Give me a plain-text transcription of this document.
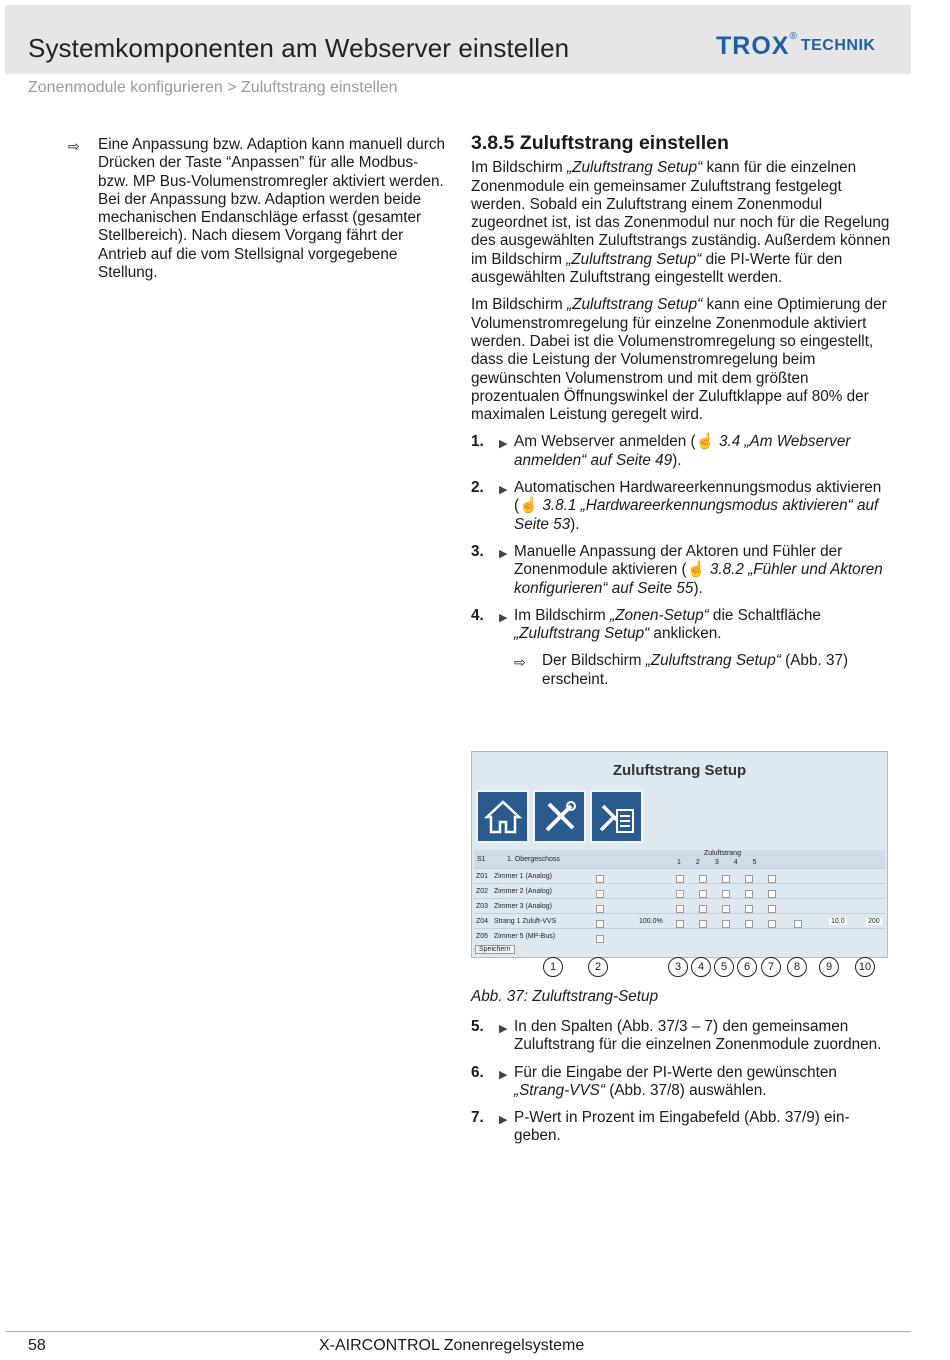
Systemkomponenten am Webserver einstellen	TROX ®
TECHNIK
Zonenmodule konfigurieren > Zuluftstrang einstellen
⇨	Eine Anpassung bzw. Adaption kann manuell durch Drücken der Taste “Anpassen” für alle Modbus- bzw. MP Bus-Volumenstromregler aktiviert werden. Bei der Anpassung bzw. Adaption werden beide mechanischen Endanschläge erfasst (gesamter Stellbereich). Nach diesem Vorgang fährt der Antrieb auf die vom Stellsignal vorgegebene Stellung.
3.8.5 Zuluftstrang einstellen

Im Bildschirm „Zuluftstrang Setup“ kann für die einzelnen Zonenmodule ein gemeinsamer Zuluftstrang festgelegt werden. Sobald ein Zuluftstrang einem Zonenmodul zugeordnet ist, ist das Zonenmodul nur noch für die Regelung des ausgewählten Zuluftstrangs zuständig. Außerdem können im Bildschirm „Zuluftstrang Setup“ die PI-Werte für den ausgewählten Zuluftstrang eingestellt werden.

Im Bildschirm „Zuluftstrang Setup“ kann eine Optimierung der Volumenstromregelung für einzelne Zonenmodule aktiviert werden. Dabei ist die Volumenstromregelung so eingestellt, dass die Leistung der Volumenstromregelung beim gewünschten Volumenstrom und mit dem größten prozentualen Öffnungswinkel der Zuluftklappe auf 80% der maximalen Leistung geregelt wird.

1.	▶ Am Webserver anmelden (☝ 3.4 „Am Webserver anmelden“ auf Seite 49).
2.	▶ Automatischen Hardwareerkennungsmodus aktivieren (☝ 3.8.1 „Hardwareerkennungsmodus aktivieren“ auf Seite 53).
3.	▶ Manuelle Anpassung der Aktoren und Fühler der Zonenmodule aktivieren (☝ 3.8.2 „Fühler und Aktoren konfigurieren“ auf Seite 55).
4.	▶ Im Bildschirm „Zonen-Setup“ die Schaltfläche „Zuluftstrang Setup“ anklicken.
⇨	Der Bildschirm „Zuluftstrang Setup“ (Abb. 37) erscheint.
Zuluftstrang Setup
S1	1. Obergeschoss
Zuluftstrang
1 2 3 4 5
Z01 Zimmer 1 (Analog)
Z02 Zimmer 2 (Analog)
Z03 Zimmer 3 (Analog)
Z04 Strang 1 Zuluft-VVS	100.0%	10.0	200
Z05 Zimmer 5 (MP-Bus)
Speichern
1	2	3	4	5	6	7	8	9	10
Abb. 37: Zuluftstrang-Setup
5.	▶ In den Spalten (Abb. 37/3 – 7) den gemeinsamen Zuluftstrang für die einzelnen Zonenmodule zuordnen.
6.	▶ Für die Eingabe der PI-Werte den gewünschten „Strang-VVS“ (Abb. 37/8) auswählen.
7.	▶ P-Wert in Prozent im Eingabefeld (Abb. 37/9) eingeben.
58	X-AIRCONTROL Zonenregelsysteme
